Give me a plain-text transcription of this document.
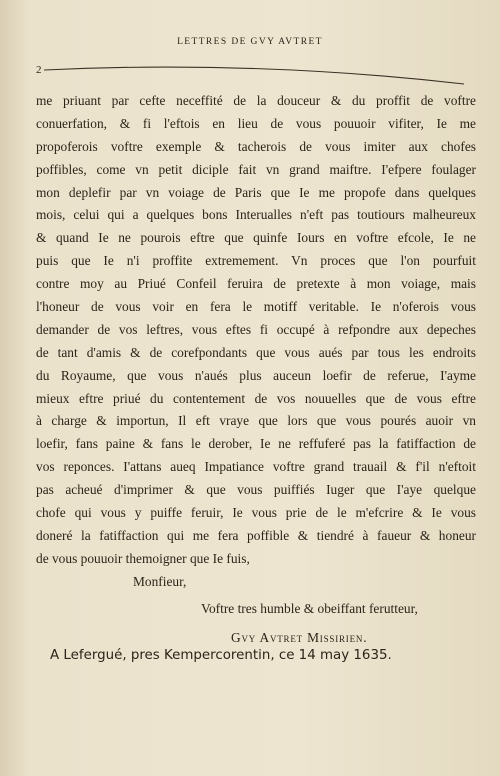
LETTRES DE GVY AVTRET
2
me priuant par cefte neceffité de la douceur & du proffit de voftre
conuerfation, & fi l'eftois en lieu de vous pouuoir vifiter, Ie me
propoferois voftre exemple & tacherois de vous imiter aux chofes
poffibles, come vn petit diciple fait vn grand maiftre. I'efpere foulager
mon deplefir par vn voiage de Paris que Ie me propofe dans quelques
mois, celui qui a quelques bons Interualles n'eft pas toutiours malheureux
& quand Ie ne pourois eftre que quinfe Iours en voftre efcole, Ie ne
puis que Ie n'i proffite extremement. Vn proces que l'on pourfuit
contre moy au Priué Confeil feruira de pretexte à mon voiage, mais
l'honeur de vous voir en fera le motiff veritable. Ie n'oferois vous
demander de vos leftres, vous eftes fi occupé à refpondre aux depeches
de tant d'amis & de corefpondants que vous aués par tous les endroits
du Royaume, que vous n'aués plus auceun loefir de referue, I'ayme
mieux eftre priué du contentement de vos nouuelles que de vous eftre
à charge & importun, Il eft vraye que lors que vous pourés auoir vn
loefir, fans paine & fans le derober, Ie ne reffuferé pas la fatiffaction de
vos reponces. I'attans aueq Impatiance voftre grand trauail & f'il n'eftoit
pas acheué d'imprimer & que vous puiffiés Iuger que I'aye quelque
chofe qui vous y puiffe feruir, Ie vous prie de le m'efcrire & Ie vous
doneré la fatiffaction qui me fera poffible & tiendré à faueur & honeur
de vous pouuoir themoigner que Ie fuis,
Monfieur,
Voftre tres humble & obeiffant ferutteur,
Gvy Avtret Missirien.
A Lefergué, pres Kempercorentin, ce 14 may 1635.
